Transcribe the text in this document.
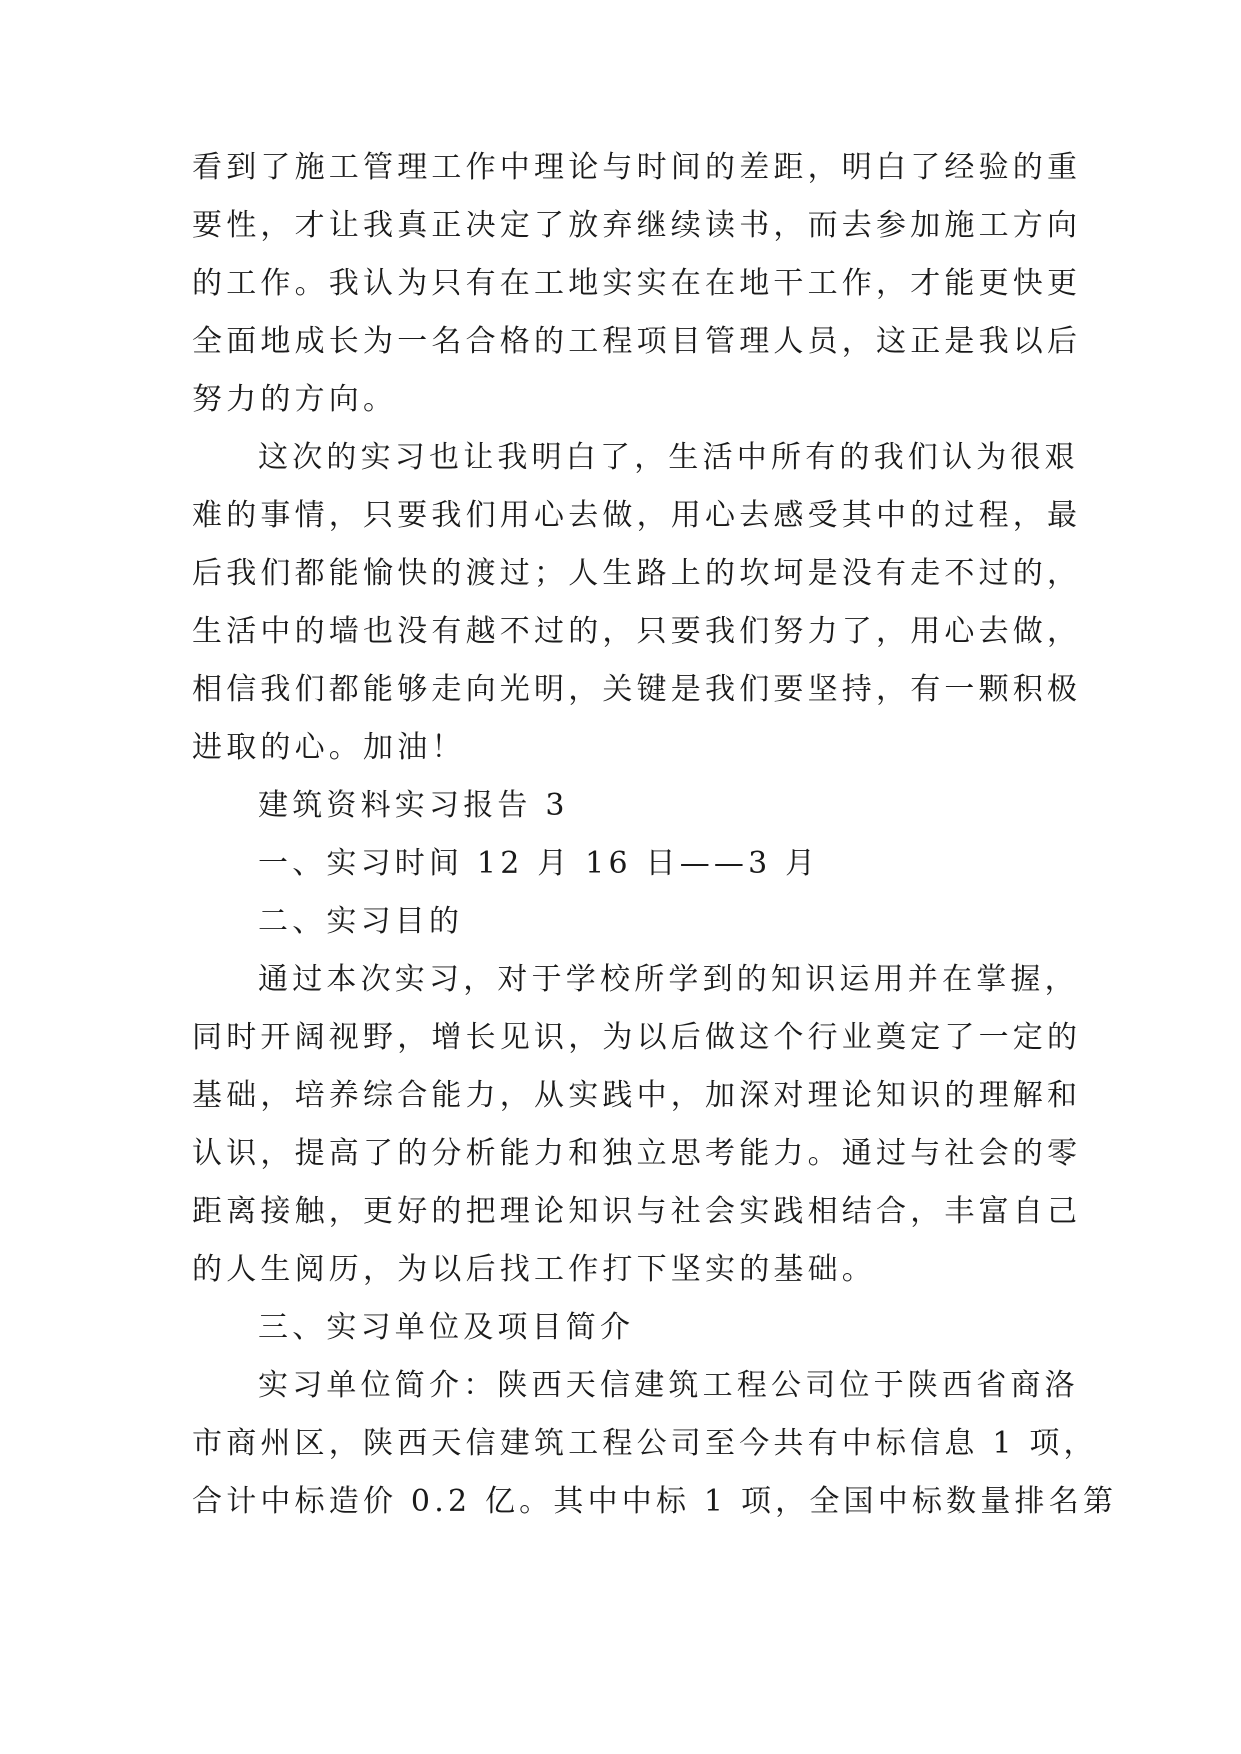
看到了施工管理工作中理论与时间的差距，明白了经验的重
要性，才让我真正决定了放弃继续读书，而去参加施工方向
的工作。我认为只有在工地实实在在地干工作，才能更快更
全面地成长为一名合格的工程项目管理人员，这正是我以后
努力的方向。
这次的实习也让我明白了，生活中所有的我们认为很艰
难的事情，只要我们用心去做，用心去感受其中的过程，最
后我们都能愉快的渡过；人生路上的坎坷是没有走不过的，
生活中的墙也没有越不过的，只要我们努力了，用心去做，
相信我们都能够走向光明，关键是我们要坚持，有一颗积极
进取的心。加油！
建筑资料实习报告 3
一、实习时间 12 月 16 日——3 月
二、实习目的
通过本次实习，对于学校所学到的知识运用并在掌握，
同时开阔视野，增长见识，为以后做这个行业奠定了一定的
基础，培养综合能力，从实践中，加深对理论知识的理解和
认识，提高了的分析能力和独立思考能力。通过与社会的零
距离接触，更好的把理论知识与社会实践相结合，丰富自己
的人生阅历，为以后找工作打下坚实的基础。
三、实习单位及项目简介
实习单位简介：陕西天信建筑工程公司位于陕西省商洛
市商州区，陕西天信建筑工程公司至今共有中标信息 1 项，
合计中标造价 0.2 亿。其中中标 1 项，全国中标数量排名第
